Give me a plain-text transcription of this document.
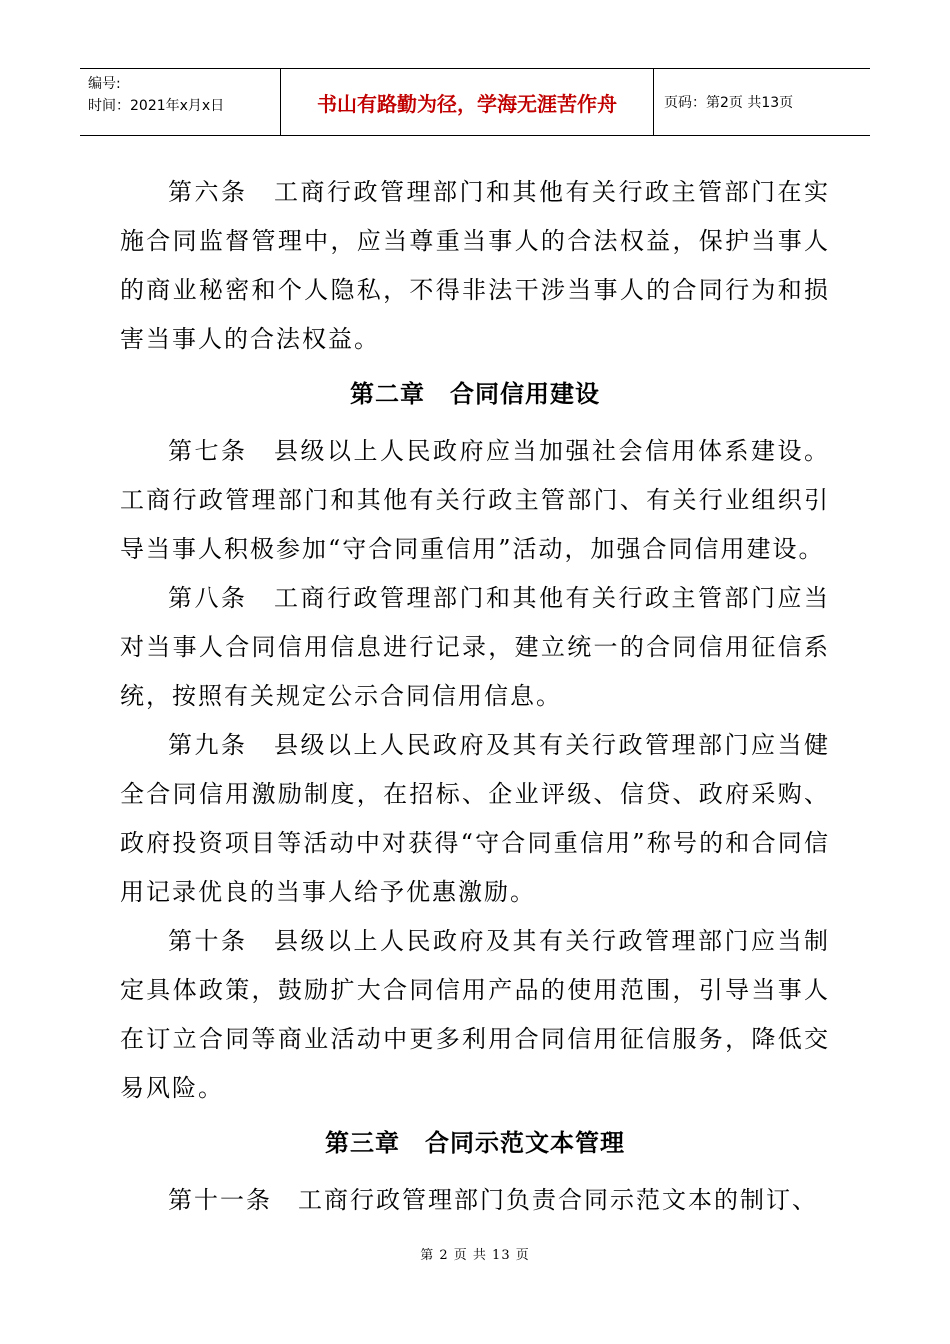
编号:
时间：2021年x月x日	书山有路勤为径，学海无涯苦作舟	页码：第2页 共13页

第六条　工商行政管理部门和其他有关行政主管部门在实施合同监督管理中，应当尊重当事人的合法权益，保护当事人的商业秘密和个人隐私，不得非法干涉当事人的合同行为和损害当事人的合法权益。

第二章　合同信用建设

第七条　县级以上人民政府应当加强社会信用体系建设。工商行政管理部门和其他有关行政主管部门、有关行业组织引导当事人积极参加“守合同重信用”活动，加强合同信用建设。

第八条　工商行政管理部门和其他有关行政主管部门应当对当事人合同信用信息进行记录，建立统一的合同信用征信系统，按照有关规定公示合同信用信息。

第九条　县级以上人民政府及其有关行政管理部门应当健全合同信用激励制度，在招标、企业评级、信贷、政府采购、政府投资项目等活动中对获得“守合同重信用”称号的和合同信用记录优良的当事人给予优惠激励。

第十条　县级以上人民政府及其有关行政管理部门应当制定具体政策，鼓励扩大合同信用产品的使用范围，引导当事人在订立合同等商业活动中更多利用合同信用征信服务，降低交易风险。

第三章　合同示范文本管理

第十一条　工商行政管理部门负责合同示范文本的制订、

第 2 页 共 13 页
